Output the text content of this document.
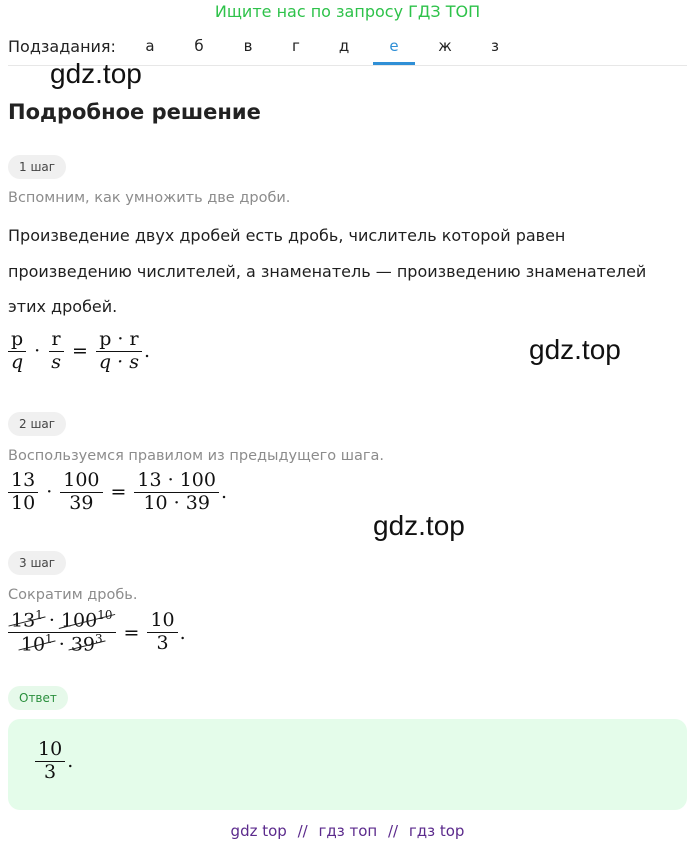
Ищите нас по запросу ГДЗ ТОП
Подзадания:	а	б	в	г	д	е	ж	з
gdz.top
gdz.top
gdz.top
Подробное решение
1 шаг
Вспомним, как умножить две дроби.
Произведение двух дробей есть дробь, числитель которой равен
произведению числителей, а знаменатель — произведению знаменателей
этих дробей.
$\frac{p}{q} \cdot \frac{r}{s} = \frac{p \cdot r}{q \cdot s}$ .
2 шаг
Воспользуемся правилом из предыдущего шага.
$\frac{13}{10} \cdot \frac{100}{39} = \frac{13 \cdot 100}{10 \cdot 39}$ .
3 шаг
Сократим дробь.
$\frac{13^1 \cdot 100^{10}}{10^1 \cdot 39^3} = \frac{10}{3}$ .
Ответ
$\frac{10}{3}$ .
gdz top // гдз топ // гдз top
